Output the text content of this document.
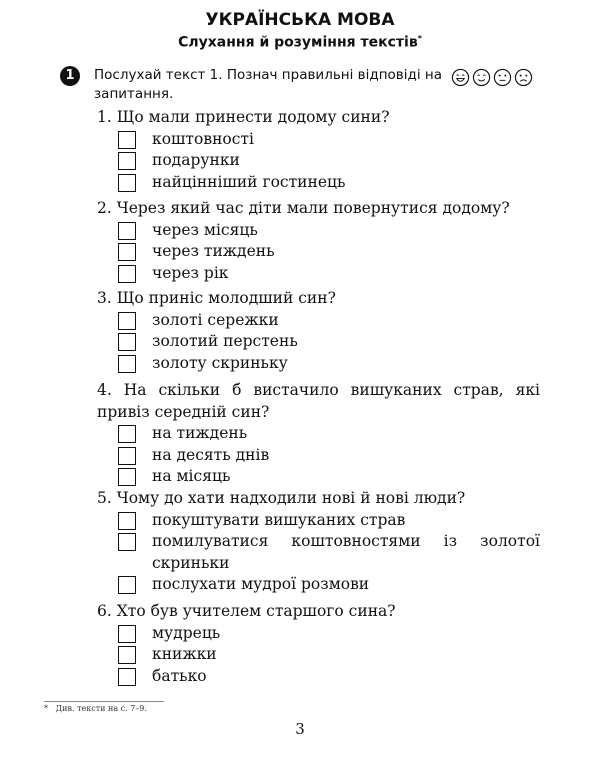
УКРАЇНСЬКА МОВА
Слухання й розуміння текстів*
1	Послухай текст 1. Познач правильні відповіді на запитання.
1. Що мали принести додому сини?
коштовності
подарунки
найцінніший гостинець
2. Через який час діти мали повернутися додому?
через місяць
через тиждень
через рік
3. Що приніс молодший син?
золоті сережки
золотий перстень
золоту скриньку
4. На скільки б вистачило вишуканих страв, які привіз середній син?
на тиждень
на десять днів
на місяць
5. Чому до хати надходили нові й нові люди?
покуштувати вишуканих страв
помилуватися коштовностями із золотої скриньки
послухати мудрої розмови
6. Хто був учителем старшого сина?
мудрець
книжки
батько
* Див. тексти на с. 7–9.
3
